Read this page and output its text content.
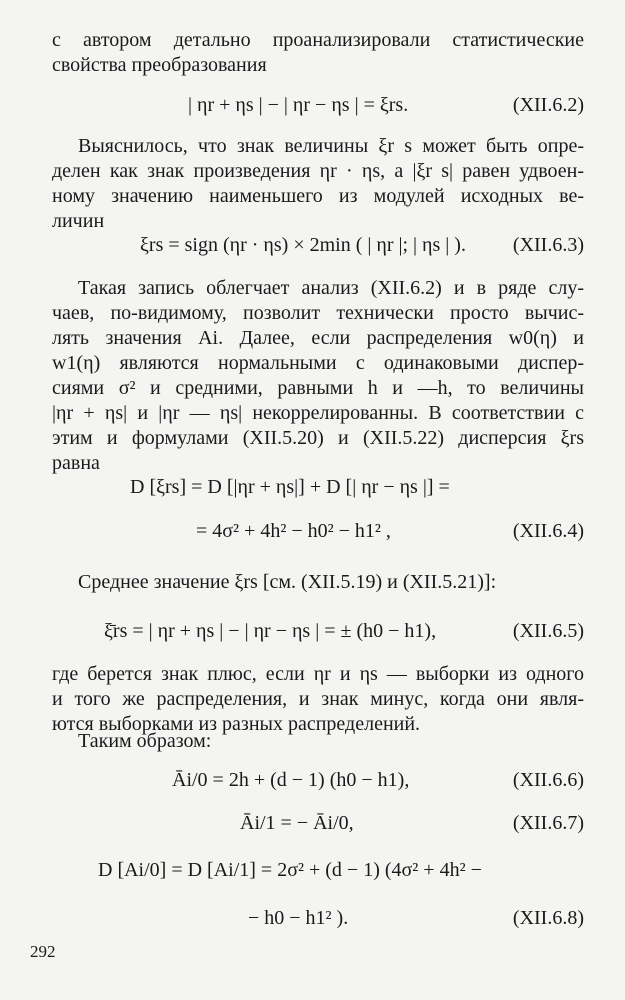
с автором детально проанализировали статистические
свойства преобразования

| ηr + ηs | − | ηr − ηs | = ξrs.	(XII.6.2)

Выяснилось, что знак величины ξr s может быть опре-
делен как знак произведения ηr · ηs, а |ξr s| равен удвоен-
ному значению наименьшего из модулей исходных ве-
личин

ξrs = sign (ηr · ηs) × 2min ( | ηr |; | ηs | ). (XII.6.3)

Такая запись облегчает анализ (XII.6.2) и в ряде слу-
чаев, по-видимому, позволит технически просто вычис-
лять значения Ai. Далее, если распределения w0(η) и
w1(η) являются нормальными с одинаковыми диспер-
сиями σ² и средними, равными h и —h, то величины
|ηr + ηs| и |ηr — ηs| некоррелированны. В соответствии с
этим и формулами (XII.5.20) и (XII.5.22) дисперсия ξrs
равна

D [ξrs] = D [|ηr + ηs|] + D [| ηr − ηs |] =
= 4σ² + 4h² − h0² − h1² ,	(XII.6.4)

Среднее значение ξrs [см. (XII.5.19) и (XII.5.21)]:

ξ̄rs = | ηr + ηs | − | ηr − ηs | = ± (h0 − h1),	(XII.6.5)

где берется знак плюс, если ηr и ηs — выборки из одного
и того же распределения, и знак минус, когда они явля-
ются выборками из разных распределений.

Таким образом:

Āi/0 = 2h + (d − 1) (h0 − h1),	(XII.6.6)
Āi/1 = − Āi/0,	(XII.6.7)
D [Ai/0] = D [Ai/1] = 2σ² + (d − 1) (4σ² + 4h² −
− h0 − h1² ).	(XII.6.8)
292
